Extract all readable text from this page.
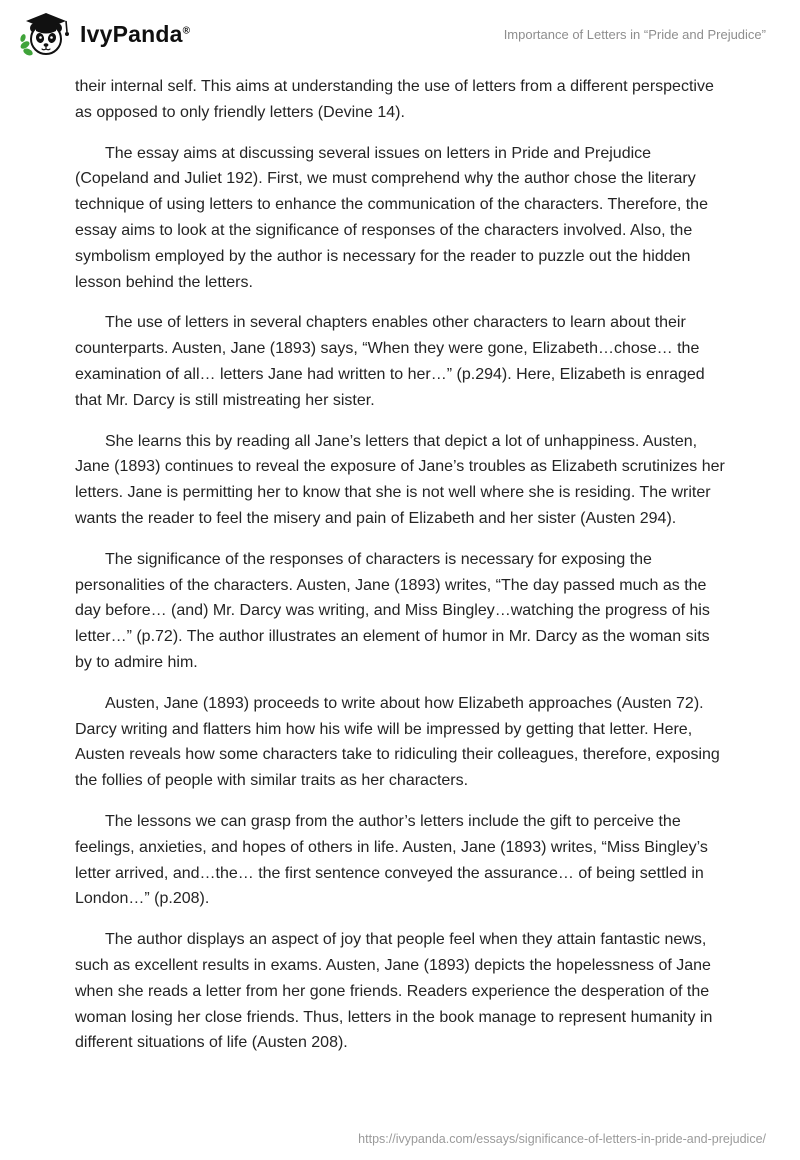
IvyPanda®	Importance of Letters in “Pride and Prejudice”

their internal self. This aims at understanding the use of letters from a different perspective as opposed to only friendly letters (Devine 14).

The essay aims at discussing several issues on letters in Pride and Prejudice (Copeland and Juliet 192). First, we must comprehend why the author chose the literary technique of using letters to enhance the communication of the characters. Therefore, the essay aims to look at the significance of responses of the characters involved. Also, the symbolism employed by the author is necessary for the reader to puzzle out the hidden lesson behind the letters.

The use of letters in several chapters enables other characters to learn about their counterparts. Austen, Jane (1893) says, “When they were gone, Elizabeth…chose… the examination of all… letters Jane had written to her…” (p.294). Here, Elizabeth is enraged that Mr. Darcy is still mistreating her sister.

She learns this by reading all Jane’s letters that depict a lot of unhappiness. Austen, Jane (1893) continues to reveal the exposure of Jane’s troubles as Elizabeth scrutinizes her letters. Jane is permitting her to know that she is not well where she is residing. The writer wants the reader to feel the misery and pain of Elizabeth and her sister (Austen 294).

The significance of the responses of characters is necessary for exposing the personalities of the characters. Austen, Jane (1893) writes, “The day passed much as the day before… (and) Mr. Darcy was writing, and Miss Bingley…watching the progress of his letter…” (p.72). The author illustrates an element of humor in Mr. Darcy as the woman sits by to admire him.

Austen, Jane (1893) proceeds to write about how Elizabeth approaches (Austen 72). Darcy writing and flatters him how his wife will be impressed by getting that letter. Here, Austen reveals how some characters take to ridiculing their colleagues, therefore, exposing the follies of people with similar traits as her characters.

The lessons we can grasp from the author’s letters include the gift to perceive the feelings, anxieties, and hopes of others in life. Austen, Jane (1893) writes, “Miss Bingley’s letter arrived, and…the… the first sentence conveyed the assurance… of being settled in London…” (p.208).

The author displays an aspect of joy that people feel when they attain fantastic news, such as excellent results in exams. Austen, Jane (1893) depicts the hopelessness of Jane when she reads a letter from her gone friends. Readers experience the desperation of the woman losing her close friends. Thus, letters in the book manage to represent humanity in different situations of life (Austen 208).

https://ivypanda.com/essays/significance-of-letters-in-pride-and-prejudice/
